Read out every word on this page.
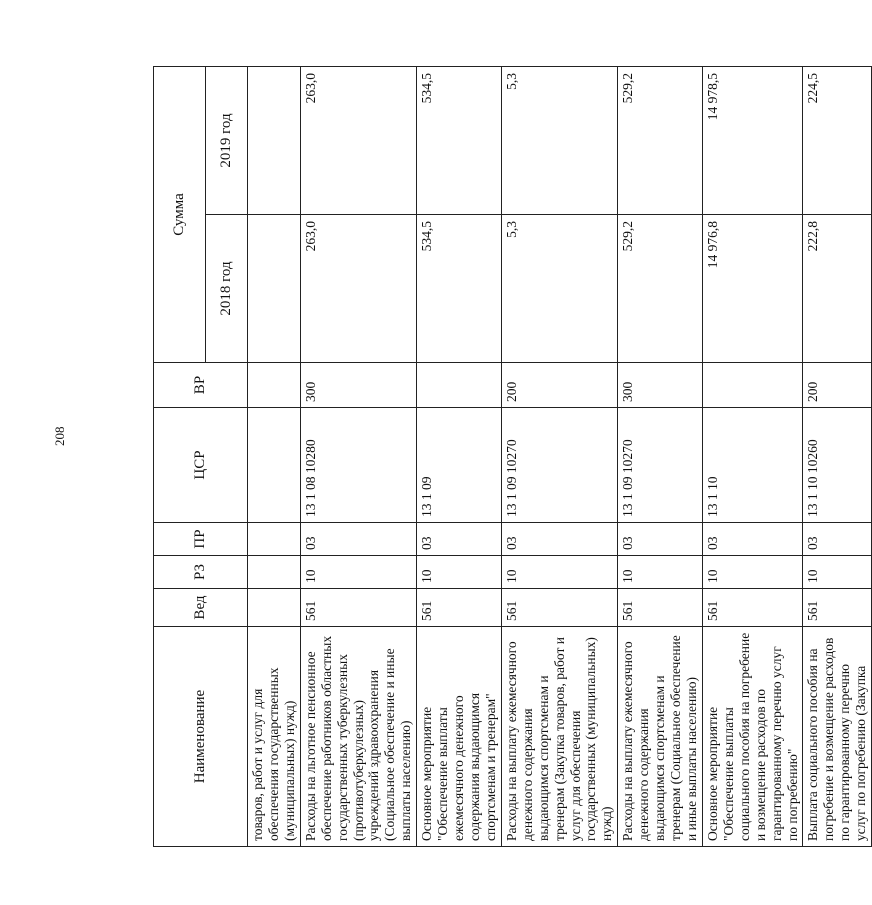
208
Наименование	Вед	РЗ	ПР	ЦСР	ВР	Сумма	
						2018 год	2019 год
товаров, работ и услуг для обеспечения государственных (муниципальных) нужд)							
Расходы на льготное пенсионное обеспечение работников областных государственных туберкулезных (противотуберкулезных) учреждений здравоохранения (Социальное обеспечение и иные выплаты населению)	561	10	03	13 1 08 10280	300	263,0	263,0
Основное мероприятие "Обеспечение выплаты ежемесячного денежного содержания выдающимся спортсменам и тренерам"	561	10	03	13 1 09		534,5	534,5
Расходы на выплату ежемесячного денежного содержания выдающимся спортсменам и тренерам (Закупка товаров, работ и услуг для обеспечения государственных (муниципальных) нужд)	561	10	03	13 1 09 10270	200	5,3	5,3
Расходы на выплату ежемесячного денежного содержания выдающимся спортсменам и тренерам (Социальное обеспечение и иные выплаты населению)	561	10	03	13 1 09 10270	300	529,2	529,2
Основное мероприятие "Обеспечение выплаты социального пособия на погребение и возмещение расходов по гарантированному перечню услуг по погребению"	561	10	03	13 1 10		14 976,8	14 978,5
Выплата социального пособия на погребение и возмещение расходов по гарантированному перечню услуг по погребению (Закупка	561	10	03	13 1 10 10260	200	222,8	224,5
